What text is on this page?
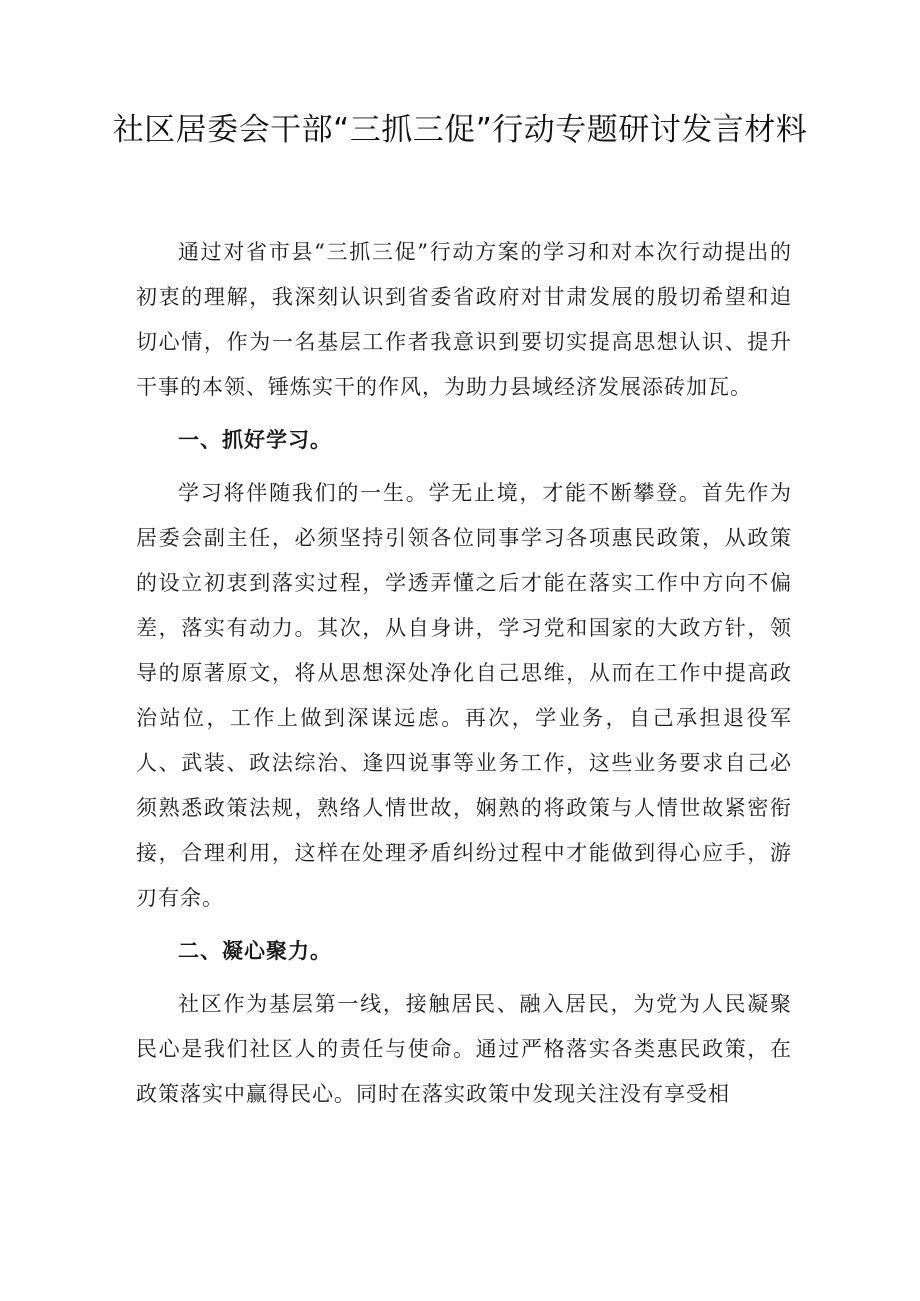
社区居委会干部“三抓三促”行动专题研讨发言材料

通过对省市县“三抓三促”行动方案的学习和对本次行动提出的初衷的理解，我深刻认识到省委省政府对甘肃发展的殷切希望和迫切心情，作为一名基层工作者我意识到要切实提高思想认识、提升干事的本领、锤炼实干的作风，为助力县域经济发展添砖加瓦。

一、抓好学习。

学习将伴随我们的一生。学无止境，才能不断攀登。首先作为居委会副主任，必须坚持引领各位同事学习各项惠民政策，从政策的设立初衷到落实过程，学透弄懂之后才能在落实工作中方向不偏差，落实有动力。其次，从自身讲，学习党和国家的大政方针，领导的原著原文，将从思想深处净化自己思维，从而在工作中提高政治站位，工作上做到深谋远虑。再次，学业务，自己承担退役军人、武装、政法综治、逢四说事等业务工作，这些业务要求自己必须熟悉政策法规，熟络人情世故，娴熟的将政策与人情世故紧密衔接，合理利用，这样在处理矛盾纠纷过程中才能做到得心应手，游刃有余。

二、凝心聚力。

社区作为基层第一线，接触居民、融入居民，为党为人民凝聚民心是我们社区人的责任与使命。通过严格落实各类惠民政策，在政策落实中赢得民心。同时在落实政策中发现关注没有享受相
